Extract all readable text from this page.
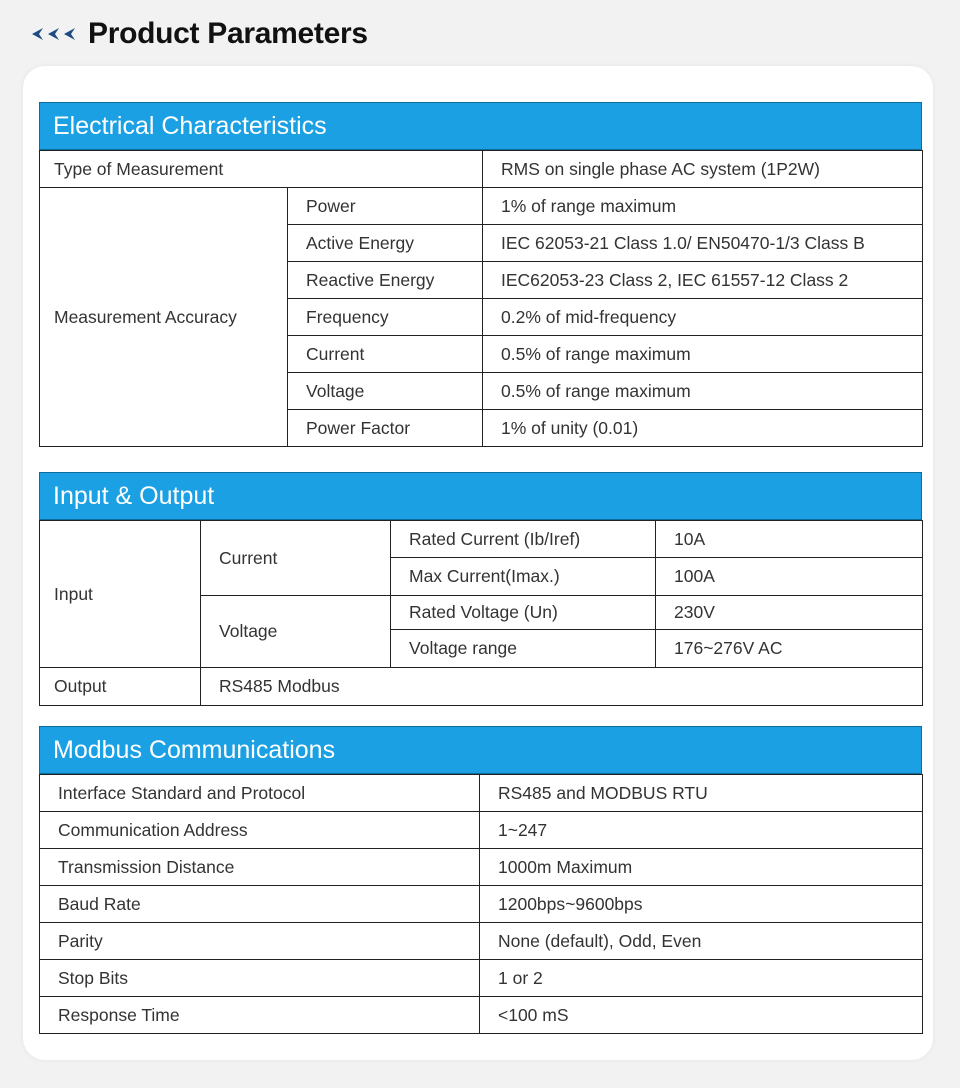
Product Parameters
Electrical Characteristics
Type of Measurement		RMS on single phase AC system (1P2W)
Measurement Accuracy	Power	1% of range maximum
	Active Energy	IEC 62053-21 Class 1.0/ EN50470-1/3 Class B
	Reactive Energy	IEC62053-23 Class 2, IEC 61557-12 Class 2
	Frequency	0.2% of mid-frequency
	Current	0.5% of range maximum
	Voltage	0.5% of range maximum
	Power Factor	1% of unity (0.01)
Input & Output
Input	Current	Rated Current (Ib/Iref)	10A
		Max Current(Imax.)	100A
	Voltage	Rated Voltage (Un)	230V
		Voltage range	176~276V AC
Output	RS485 Modbus		
Modbus Communications
Interface Standard and Protocol	RS485 and MODBUS RTU
Communication Address	1~247
Transmission Distance	1000m Maximum
Baud Rate	1200bps~9600bps
Parity	None (default), Odd, Even
Stop Bits	1 or 2
Response Time	<100 mS
